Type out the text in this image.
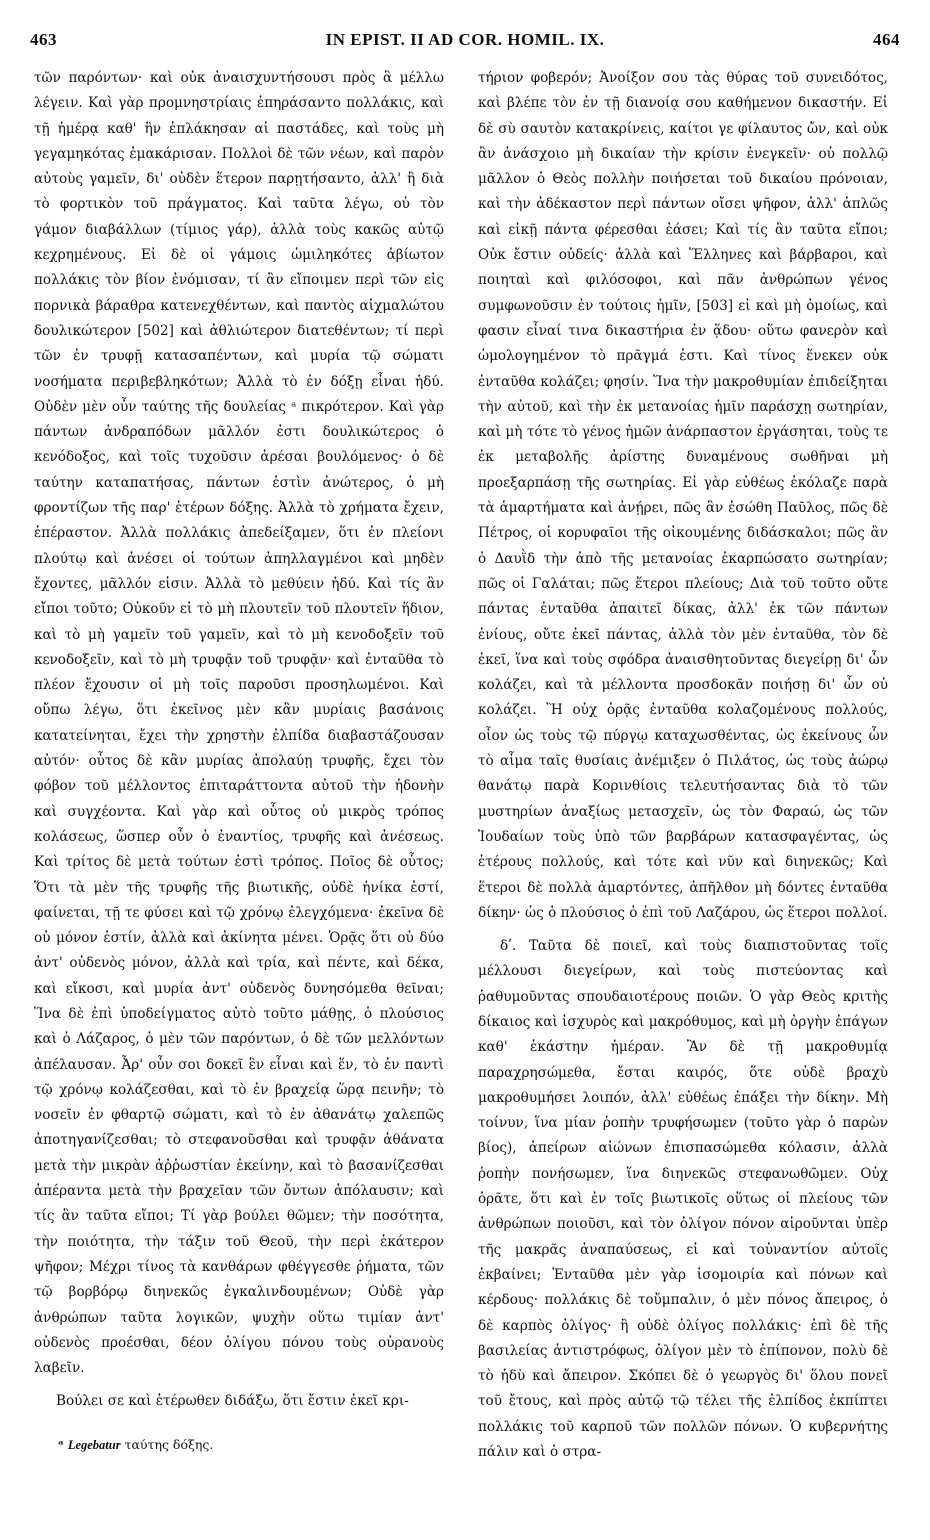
463	IN EPIST. II AD COR. HOMIL. IX.	464

τῶν παρόντων· καὶ οὐκ ἀναισχυντήσουσι πρὸς ἃ μέλλω λέγειν. Καὶ γὰρ προμνηστρίαις ἐπηράσαντο πολλάκις, καὶ τῇ ἡμέρᾳ καθ' ἣν ἐπλάκησαν αἱ παστάδες, καὶ τοὺς μὴ γεγαμηκότας ἐμακάρισαν. Πολλοὶ δὲ τῶν νέων, καὶ παρὸν αὐτοὺς γαμεῖν, δι' οὐδὲν ἕτερον παρῃτήσαντο, ἀλλ' ἢ διὰ τὸ φορτικὸν τοῦ πράγματος. Καὶ ταῦτα λέγω, οὐ τὸν γάμον διαβάλλων (τίμιος γάρ), ἀλλὰ τοὺς κακῶς αὐτῷ κεχρημένους. Εἰ δὲ οἱ γάμοις ὡμιληκότες ἀβίωτον πολλάκις τὸν βίον ἐνόμισαν, τί ἂν εἴποιμεν περὶ τῶν εἰς πορνικὰ βάραθρα κατενεχθέντων, καὶ παντὸς αἰχμαλώτου δουλικώτερον [502] καὶ ἀθλιώτερον διατεθέντων; τί περὶ τῶν ἐν τρυφῇ κατασαπέντων, καὶ μυρία τῷ σώματι νοσήματα περιβεβληκότων; Ἀλλὰ τὸ ἐν δόξῃ εἶναι ἡδύ. Οὐδὲν μὲν οὖν ταύτης τῆς δουλείας ᵃ πικρότερον. Καὶ γὰρ πάντων ἀνδραπόδων μᾶλλόν ἐστι δουλικώτερος ὁ κενόδοξος, καὶ τοῖς τυχοῦσιν ἀρέσαι βουλόμενος· ὁ δὲ ταύτην καταπατήσας, πάντων ἐστὶν ἀνώτερος, ὁ μὴ φροντίζων τῆς παρ' ἑτέρων δόξης. Ἀλλὰ τὸ χρήματα ἔχειν, ἐπέραστον. Ἀλλὰ πολλάκις ἀπεδείξαμεν, ὅτι ἐν πλείονι πλούτῳ καὶ ἀνέσει οἱ τούτων ἀπηλλαγμένοι καὶ μηδὲν ἔχοντες, μᾶλλόν εἰσιν. Ἀλλὰ τὸ μεθύειν ἡδύ. Καὶ τίς ἂν εἴποι τοῦτο; Οὐκοῦν εἰ τὸ μὴ πλουτεῖν τοῦ πλουτεῖν ἥδιον, καὶ τὸ μὴ γαμεῖν τοῦ γαμεῖν, καὶ τὸ μὴ κενοδοξεῖν τοῦ κενοδοξεῖν, καὶ τὸ μὴ τρυφᾷν τοῦ τρυφᾷν· καὶ ἐνταῦθα τὸ πλέον ἔχουσιν οἱ μὴ τοῖς παροῦσι προσηλωμένοι. Καὶ οὔπω λέγω, ὅτι ἐκεῖνος μὲν κἂν μυρίαις βασάνοις κατατείνηται, ἔχει τὴν χρηστὴν ἐλπίδα διαβαστάζουσαν αὐτόν· οὗτος δὲ κἂν μυρίας ἀπολαύῃ τρυφῆς, ἔχει τὸν φόβον τοῦ μέλλοντος ἐπιταράττοντα αὐτοῦ τὴν ἡδονὴν καὶ συγχέοντα. Καὶ γὰρ καὶ οὗτος οὐ μικρὸς τρόπος κολάσεως, ὥσπερ οὖν ὁ ἐναντίος, τρυφῆς καὶ ἀνέσεως. Καὶ τρίτος δὲ μετὰ τούτων ἐστὶ τρόπος. Ποῖος δὲ οὗτος; Ὅτι τὰ μὲν τῆς τρυφῆς τῆς βιωτικῆς, οὐδὲ ἡνίκα ἐστί, φαίνεται, τῇ τε φύσει καὶ τῷ χρόνῳ ἐλεγχόμενα· ἐκεῖνα δὲ οὐ μόνον ἐστίν, ἀλλὰ καὶ ἀκίνητα μένει. Ὁρᾷς ὅτι οὐ δύο ἀντ' οὐδενὸς μόνον, ἀλλὰ καὶ τρία, καὶ πέντε, καὶ δέκα, καὶ εἴκοσι, καὶ μυρία ἀντ' οὐδενὸς δυνησόμεθα θεῖναι; Ἵνα δὲ ἐπὶ ὑποδείγματος αὐτὸ τοῦτο μάθῃς, ὁ πλούσιος καὶ ὁ Λάζαρος, ὁ μὲν τῶν παρόντων, ὁ δὲ τῶν μελλόντων ἀπέλαυσαν. Ἆρ' οὖν σοι δοκεῖ ἓν εἶναι καὶ ἕν, τὸ ἐν παντὶ τῷ χρόνῳ κολάζεσθαι, καὶ τὸ ἐν βραχείᾳ ὥρᾳ πεινῆν; τὸ νοσεῖν ἐν φθαρτῷ σώματι, καὶ τὸ ἐν ἀθανάτῳ χαλεπῶς ἀποτηγανίζεσθαι; τὸ στεφανοῦσθαι καὶ τρυφᾷν ἀθάνατα μετὰ τὴν μικρὰν ἀῤῥωστίαν ἐκείνην, καὶ τὸ βασανίζεσθαι ἀπέραντα μετὰ τὴν βραχεῖαν τῶν ὄντων ἀπόλαυσιν; καὶ τίς ἂν ταῦτα εἴποι; Τί γὰρ βούλει θῶμεν; τὴν ποσότητα, τὴν ποιότητα, τὴν τάξιν τοῦ Θεοῦ, τὴν περὶ ἑκάτερον ψῆφον; Μέχρι τίνος τὰ κανθάρων φθέγγεσθε ῥήματα, τῶν τῷ βορβόρῳ διηνεκῶς ἐγκαλινδουμένων; Οὐδὲ γὰρ ἀνθρώπων ταῦτα λογικῶν, ψυχὴν οὕτω τιμίαν ἀντ' οὐδενὸς προέσθαι, δέον ὀλίγου πόνου τοὺς οὐρανοὺς λαβεῖν.

Βούλει σε καὶ ἑτέρωθεν διδάξω, ὅτι ἔστιν ἐκεῖ κρι-

τήριον φοβερόν; Ἀνοίξον σου τὰς θύρας τοῦ συνειδότος, καὶ βλέπε τὸν ἐν τῇ διανοίᾳ σου καθήμενον δικαστήν. Εἰ δὲ σὺ σαυτὸν κατακρίνεις, καίτοι γε φίλαυτος ὤν, καὶ οὐκ ἂν ἀνάσχοιο μὴ δικαίαν τὴν κρίσιν ἐνεγκεῖν· οὐ πολλῷ μᾶλλον ὁ Θεὸς πολλὴν ποιήσεται τοῦ δικαίου πρόνοιαν, καὶ τὴν ἀδέκαστον περὶ πάντων οἴσει ψῆφον, ἀλλ' ἁπλῶς καὶ εἰκῇ πάντα φέρεσθαι ἐάσει; Καὶ τίς ἂν ταῦτα εἴποι; Οὐκ ἔστιν οὐδείς· ἀλλὰ καὶ Ἕλληνες καὶ βάρβαροι, καὶ ποιηταὶ καὶ φιλόσοφοι, καὶ πᾶν ἀνθρώπων γένος συμφωνοῦσιν ἐν τούτοις ἡμῖν, [503] εἰ καὶ μὴ ὁμοίως, καὶ φασιν εἶναί τινα δικαστήρια ἐν ᾅδου· οὕτω φανερὸν καὶ ὡμολογημένον τὸ πρᾶγμά ἐστι. Καὶ τίνος ἕνεκεν οὐκ ἐνταῦθα κολάζει; φησίν. Ἵνα τὴν μακροθυμίαν ἐπιδείξηται τὴν αὐτοῦ, καὶ τὴν ἐκ μετανοίας ἡμῖν παράσχῃ σωτηρίαν, καὶ μὴ τότε τὸ γένος ἡμῶν ἀνάρπαστον ἐργάσηται, τοὺς τε ἐκ μεταβολῆς ἀρίστης δυναμένους σωθῆναι μὴ προεξαρπάσῃ τῆς σωτηρίας. Εἰ γὰρ εὐθέως ἐκόλαζε παρὰ τὰ ἁμαρτήματα καὶ ἀνῄρει, πῶς ἂν ἐσώθη Παῦλος, πῶς δὲ Πέτρος, οἱ κορυφαῖοι τῆς οἰκουμένης διδάσκαλοι; πῶς ἂν ὁ Δαυῒδ τὴν ἀπὸ τῆς μετανοίας ἐκαρπώσατο σωτηρίαν; πῶς οἱ Γαλάται; πῶς ἕτεροι πλείους; Διὰ τοῦ τοῦτο οὔτε πάντας ἐνταῦθα ἀπαιτεῖ δίκας, ἀλλ' ἐκ τῶν πάντων ἐνίους, οὔτε ἐκεῖ πάντας, ἀλλὰ τὸν μὲν ἐνταῦθα, τὸν δὲ ἐκεῖ, ἵνα καὶ τοὺς σφόδρα ἀναισθητοῦντας διεγείρῃ δι' ὧν κολάζει, καὶ τὰ μέλλοντα προσδοκᾶν ποιήσῃ δι' ὧν οὐ κολάζει. Ἢ οὐχ ὁρᾷς ἐνταῦθα κολαζομένους πολλούς, οἷον ὡς τοὺς τῷ πύργῳ καταχωσθέντας, ὡς ἐκείνους ὧν τὸ αἷμα ταῖς θυσίαις ἀνέμιξεν ὁ Πιλάτος, ὡς τοὺς ἀώρῳ θανάτῳ παρὰ Κορινθίοις τελευτήσαντας διὰ τὸ τῶν μυστηρίων ἀναξίως μετασχεῖν, ὡς τὸν Φαραώ, ὡς τῶν Ἰουδαίων τοὺς ὑπὸ τῶν βαρβάρων κατασφαγέντας, ὡς ἑτέρους πολλούς, καὶ τότε καὶ νῦν καὶ διηνεκῶς; Καὶ ἕτεροι δὲ πολλὰ ἁμαρτόντες, ἀπῆλθον μὴ δόντες ἐνταῦθα δίκην· ὡς ὁ πλούσιος ὁ ἐπὶ τοῦ Λαζάρου, ὡς ἕτεροι πολλοί.

δʹ. Ταῦτα δὲ ποιεῖ, καὶ τοὺς διαπιστοῦντας τοῖς μέλλουσι διεγείρων, καὶ τοὺς πιστεύοντας καὶ ῥαθυμοῦντας σπουδαιοτέρους ποιῶν. Ὁ γὰρ Θεὸς κριτὴς δίκαιος καὶ ἰσχυρὸς καὶ μακρόθυμος, καὶ μὴ ὀργὴν ἐπάγων καθ' ἑκάστην ἡμέραν. Ἂν δὲ τῇ μακροθυμίᾳ παραχρησώμεθα, ἔσται καιρός, ὅτε οὐδὲ βραχὺ μακροθυμήσει λοιπόν, ἀλλ' εὐθέως ἐπάξει τὴν δίκην. Μὴ τοίνυν, ἵνα μίαν ῥοπὴν τρυφήσωμεν (τοῦτο γὰρ ὁ παρὼν βίος), ἀπείρων αἰώνων ἐπισπασώμεθα κόλασιν, ἀλλὰ ῥοπὴν πονήσωμεν, ἵνα διηνεκῶς στεφανωθῶμεν. Οὐχ ὁρᾶτε, ὅτι καὶ ἐν τοῖς βιωτικοῖς οὕτως οἱ πλείους τῶν ἀνθρώπων ποιοῦσι, καὶ τὸν ὀλίγον πόνον αἱροῦνται ὑπὲρ τῆς μακρᾶς ἀναπαύσεως, εἰ καὶ τοὐναντίον αὐτοῖς ἐκβαίνει; Ἐνταῦθα μὲν γὰρ ἰσομοιρία καὶ πόνων καὶ κέρδους· πολλάκις δὲ τοὔμπαλιν, ὁ μὲν πόνος ἄπειρος, ὁ δὲ καρπὸς ὀλίγος· ἢ οὐδὲ ὀλίγος πολλάκις· ἐπὶ δὲ τῆς βασιλείας ἀντιστρόφως, ὀλίγον μὲν τὸ ἐπίπονον, πολὺ δὲ τὸ ἡδὺ καὶ ἄπειρον. Σκόπει δὲ ὁ γεωργὸς δι' ὅλου πονεῖ τοῦ ἔτους, καὶ πρὸς αὐτῷ τῷ τέλει τῆς ἐλπίδος ἐκπίπτει πολλάκις τοῦ καρποῦ τῶν πολλῶν πόνων. Ὁ κυβερνήτης πάλιν καὶ ὁ στρα-

ᵃ Legebatur ταύτης δόξης.
